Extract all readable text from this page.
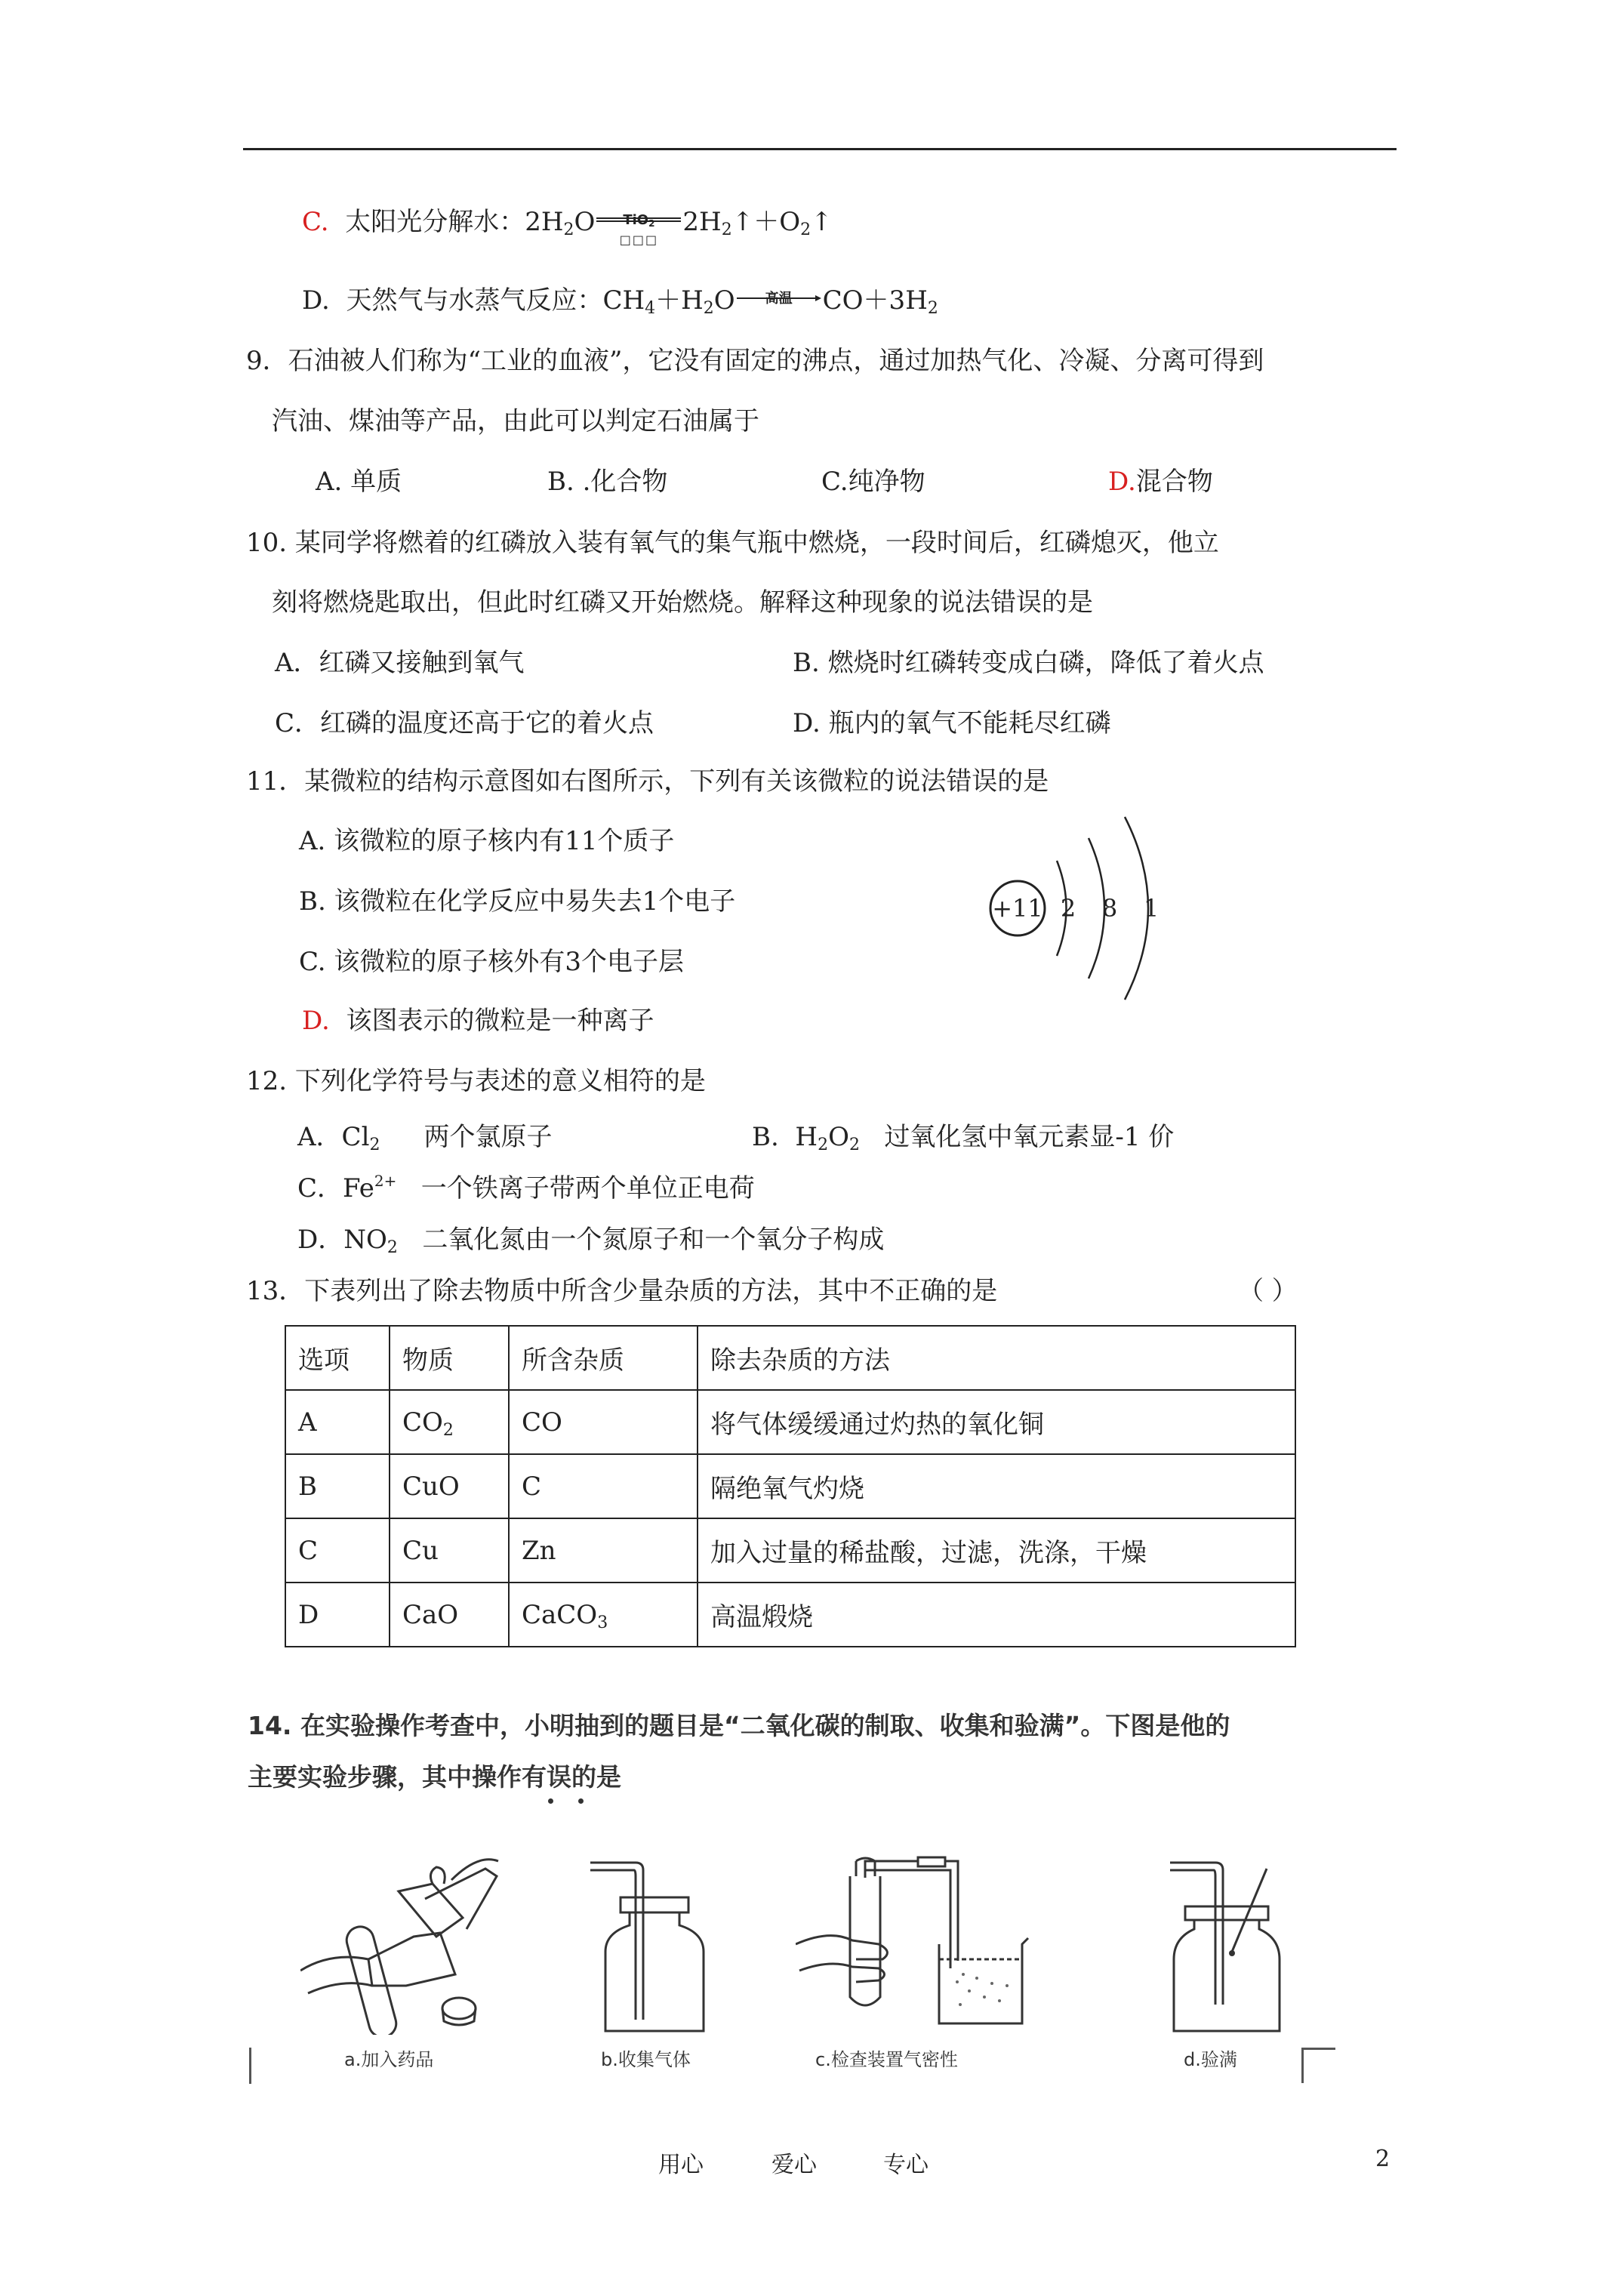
C.  太阳光分解水：$2H_2O$	TiO$_2$
□□□
$2H_2↑+O_2↑$
D.  天然气与水蒸气反应：$CH_4+H_2O$	高温	$CO+3H_2$
9．石油被人们称为“工业的血液”，它没有固定的沸点，通过加热气化、冷凝、分离可得到
汽油、煤油等产品，由此可以判定石油属于
A. 单质	B. .化合物	C.纯净物	D.混合物
10. 某同学将燃着的红磷放入装有氧气的集气瓶中燃烧，一段时间后，红磷熄灭，他立
刻将燃烧匙取出，但此时红磷又开始燃烧。解释这种现象的说法错误的是
A．红磷又接触到氧气	B. 燃烧时红磷转变成白磷，降低了着火点
C．红磷的温度还高于它的着火点	D. 瓶内的氧气不能耗尽红磷
11．某微粒的结构示意图如右图所示，下列有关该微粒的说法错误的是
A. 该微粒的原子核内有11个质子
B. 该微粒在化学反应中易失去1个电子
C. 该微粒的原子核外有3个电子层
D. 该图表示的微粒是一种离子
+11 2 8 1
12. 下列化学符号与表述的意义相符的是
A．$Cl_2$ 两个氯原子	B.  $H_2O_2$ 过氧化氢中氧元素显-1 价
C．$Fe^{2+}$ 一个铁离子带两个单位正电荷
D．$NO_2$ 二氧化氮由一个氮原子和一个氧分子构成
13．下表列出了除去物质中所含少量杂质的方法，其中不正确的是	（ ）
选项	物质	所含杂质	除去杂质的方法
A	$CO_2$	CO	将气体缓缓通过灼热的氧化铜
B	CuO	C	隔绝氧气灼烧
C	Cu	Zn	加入过量的稀盐酸，过滤，洗涤，干燥
D	CaO	CaCO$_3$	高温煅烧
14. 在实验操作考查中，小明抽到的题目是“二氧化碳的制取、收集和验满”。下图是他的
主要实验步骤，其中操作有误的是
a.加入药品	b.收集气体	c.检查装置气密性	d.验满
用心	爱心	专心	2
